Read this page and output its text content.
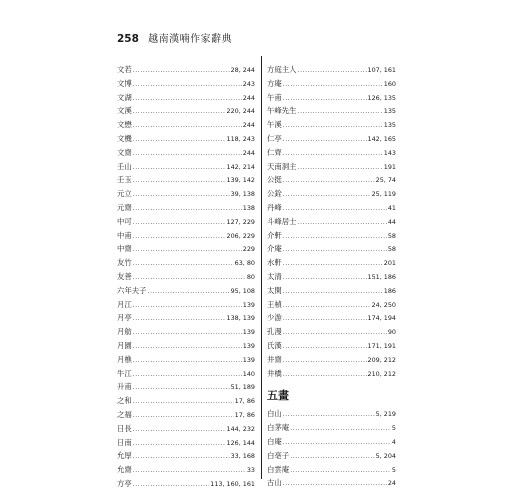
258 越南漢喃作家辭典
文若 .....	28, 244
文博 .....	243
文湖 .....	244
文溪 .....	220, 244
文懋 .....	244
文機 .....	118, 243
文齋 .....	244
壬山 .....	142, 214
壬玉 .....	139, 142
元立 .....	39, 138
元齋 .....	138
中可 .....	127, 229
中甫 .....	206, 229
中齋 .....	229
友竹 .....	63, 80
友善 .....	80
六年夫子 .....	95, 108
月江 .....	139
月亭 .....	138, 139
月舫 .....	139
月園 .....	139
月樵 .....	139
牛江 .....	140
升甫 .....	51, 189
之和 .....	17, 86
之福 .....	17, 86
日長 .....	144, 232
日南 .....	126, 144
允厚 .....	33, 168
允齋 .....	33
方亭 .....	113, 160, 161
方庭主人 .....	107, 161
方庵 .....	160
午甫 .....	126, 135
午峰先生 .....	135
午溪 .....	135
仁亭 .....	142, 165
仁齊 .....	143
天南洞主 .....	191
公挺 .....	25, 74
公銓 .....	25, 119
丹峰 .....	41
斗峰居士 .....	44
介軒 .....	58
介庵 .....	58
水軒 .....	201
太清 .....	151, 186
太閑 .....	186
王楨 .....	24, 250
少游 .....	174, 194
孔漫 .....	90
氏漢 .....	171, 191
井齋 .....	209, 212
井橋 .....	210, 212
五畫
白山 .....	5, 219
白茅庵 .....	5
白庵 .....	4
白亳子 .....	5, 204
白雲庵 .....	5
古山 .....	24
